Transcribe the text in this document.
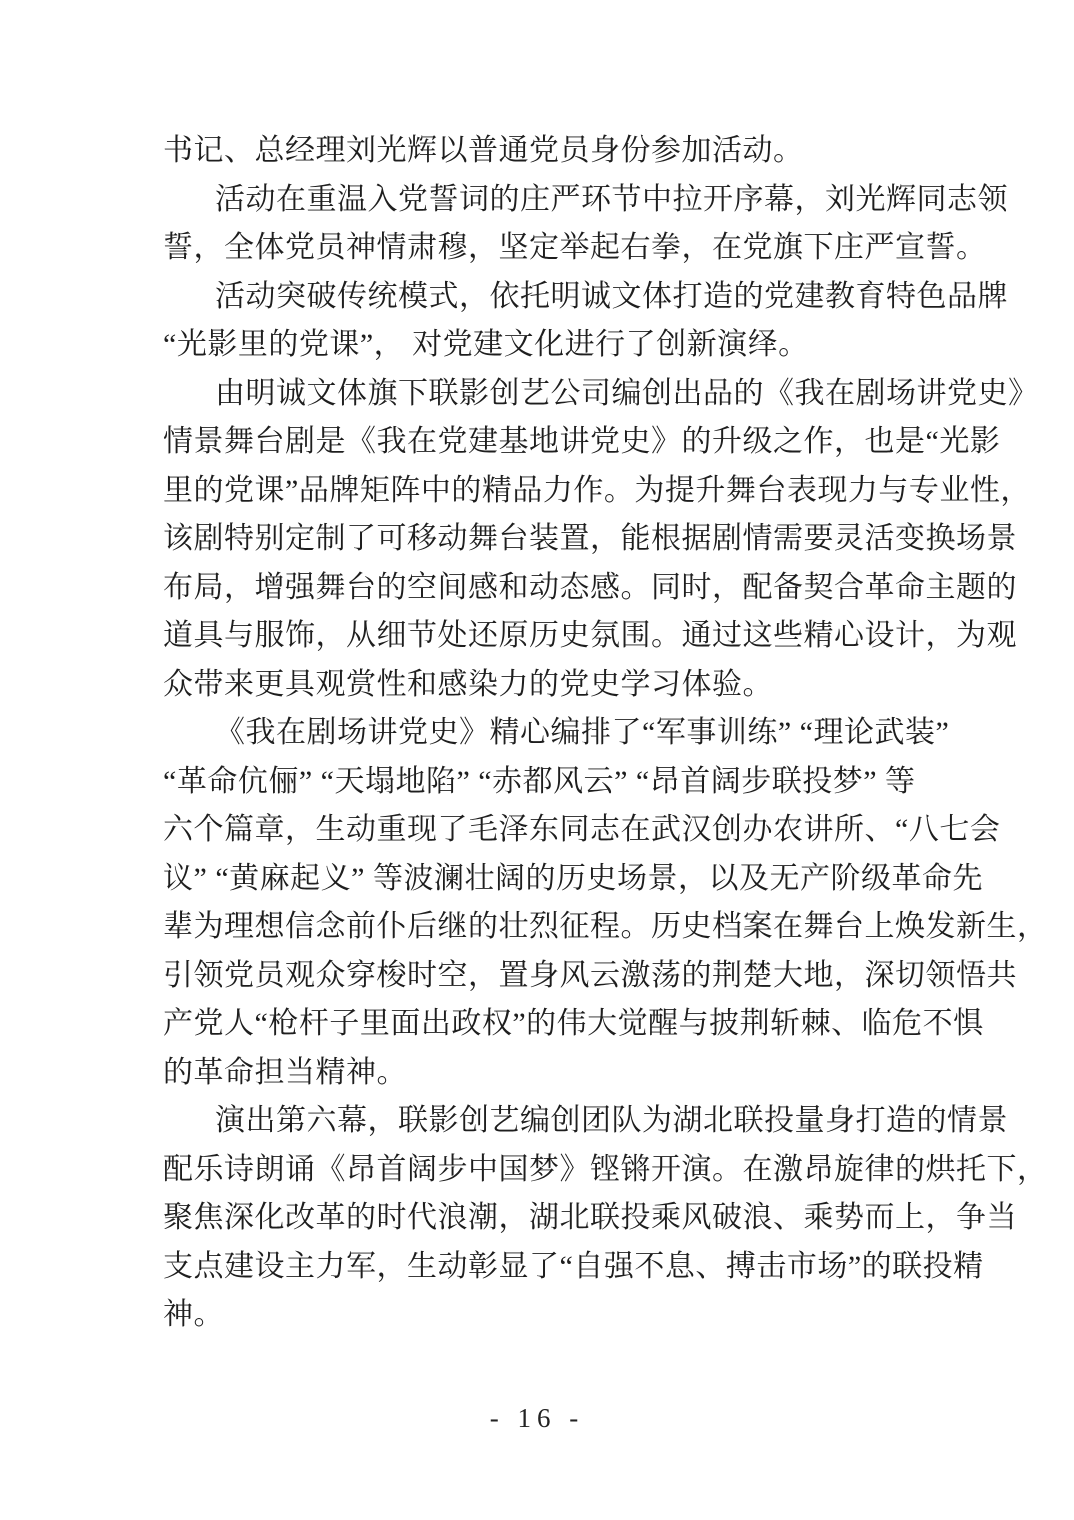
书记、总经理刘光辉以普通党员身份参加活动。
活动在重温入党誓词的庄严环节中拉开序幕，刘光辉同志领
誓，全体党员神情肃穆，坚定举起右拳，在党旗下庄严宣誓。
活动突破传统模式，依托明诚文体打造的党建教育特色品牌
“光影里的党课”， 对党建文化进行了创新演绎。
由明诚文体旗下联影创艺公司编创出品的《我在剧场讲党史》
情景舞台剧是《我在党建基地讲党史》的升级之作，也是“光影
里的党课”品牌矩阵中的精品力作。为提升舞台表现力与专业性，
该剧特别定制了可移动舞台装置，能根据剧情需要灵活变换场景
布局，增强舞台的空间感和动态感。同时，配备契合革命主题的
道具与服饰，从细节处还原历史氛围。通过这些精心设计，为观
众带来更具观赏性和感染力的党史学习体验。
《我在剧场讲党史》精心编排了“军事训练” “理论武装”
“革命伉俪” “天塌地陷” “赤都风云” “昂首阔步联投梦” 等
六个篇章，生动重现了毛泽东同志在武汉创办农讲所、“八七会
议” “黄麻起义” 等波澜壮阔的历史场景，以及无产阶级革命先
辈为理想信念前仆后继的壮烈征程。历史档案在舞台上焕发新生，
引领党员观众穿梭时空，置身风云激荡的荆楚大地，深切领悟共
产党人“枪杆子里面出政权”的伟大觉醒与披荆斩棘、临危不惧
的革命担当精神。
演出第六幕，联影创艺编创团队为湖北联投量身打造的情景
配乐诗朗诵《昂首阔步中国梦》铿锵开演。在激昂旋律的烘托下，
聚焦深化改革的时代浪潮，湖北联投乘风破浪、乘势而上，争当
支点建设主力军，生动彰显了“自强不息、搏击市场”的联投精
神。
- 16 -
